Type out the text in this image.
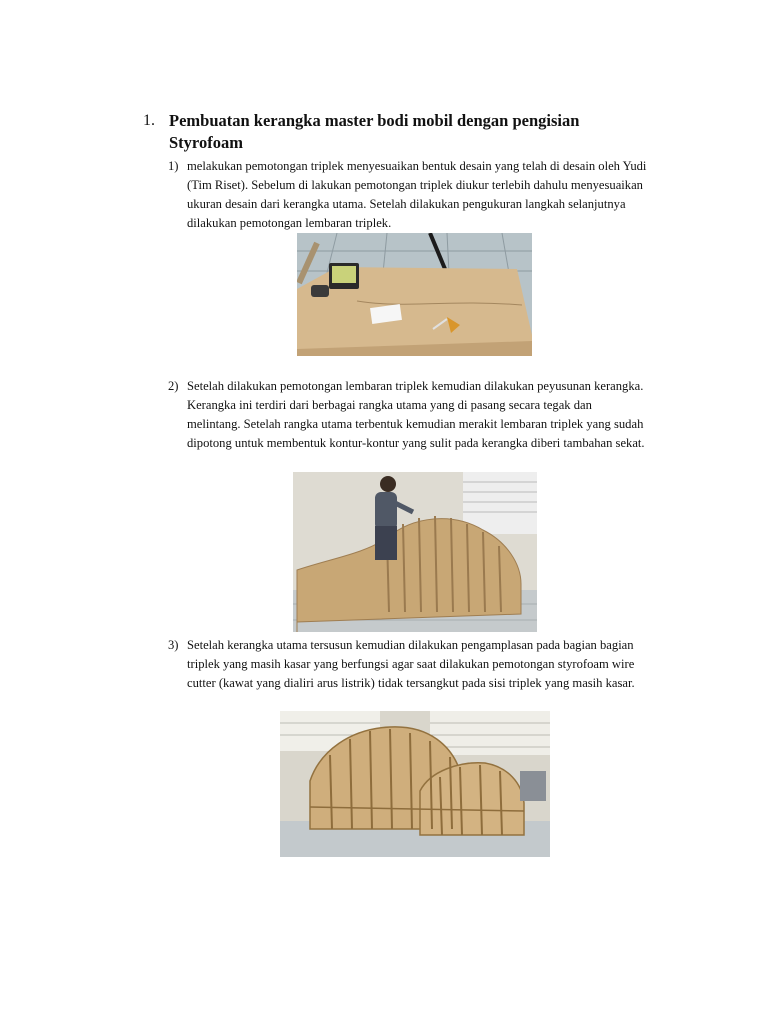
1. Pembuatan kerangka master bodi mobil dengan pengisian Styrofoam
1) melakukan pemotongan triplek menyesuaikan bentuk desain yang telah di desain oleh Yudi (Tim Riset). Sebelum di lakukan pemotongan triplek diukur terlebih dahulu menyesuaikan ukuran desain dari kerangka utama. Setelah dilakukan pengukuran langkah selanjutnya dilakukan pemotongan lembaran triplek.
2) Setelah dilakukan pemotongan lembaran triplek kemudian dilakukan peyusunan kerangka. Kerangka ini terdiri dari berbagai rangka utama yang di pasang secara tegak dan melintang. Setelah rangka utama terbentuk kemudian merakit lembaran triplek yang sudah dipotong untuk membentuk kontur-kontur yang sulit pada kerangka diberi tambahan sekat.
3) Setelah kerangka utama tersusun kemudian dilakukan pengamplasan pada bagian bagian triplek yang masih kasar yang berfungsi agar saat dilakukan pemotongan styrofoam wire cutter (kawat yang dialiri arus listrik) tidak tersangkut pada sisi triplek yang masih kasar.
